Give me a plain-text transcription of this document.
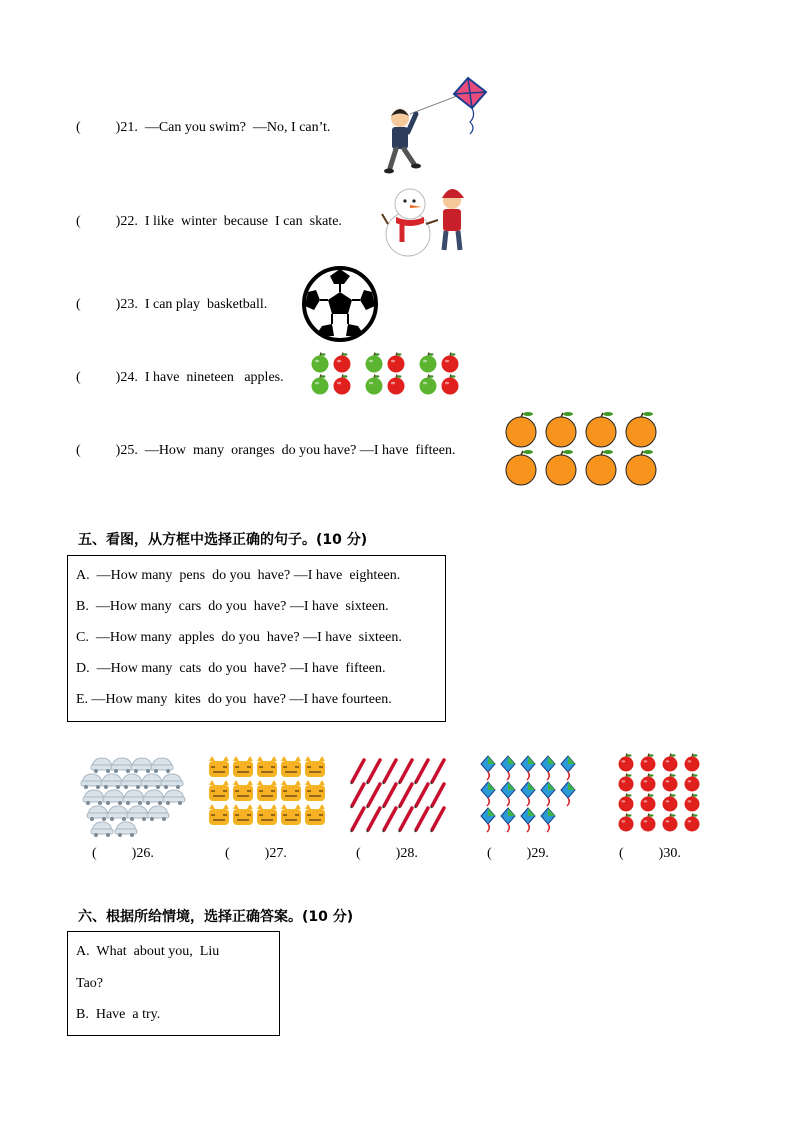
(          )21.  —Can you swim?  —No, I can’t.
(          )22.  I like  winter  because  I can  skate.
(          )23.  I can play  basketball.
(          )24.  I have  nineteen   apples.
(          )25.  —How  many  oranges  do you have? —I have  fifteen.
五、看图，从方框中选择正确的句子。(10 分)
A.  —How many  pens  do you  have? —I have  eighteen.
B.  —How many  cars  do you  have? —I have  sixteen.
C.  —How many  apples  do you  have? —I have  sixteen.
D.  —How many  cats  do you  have? —I have  fifteen.
E. —How many  kites  do you  have? —I have fourteen.
(          )26.	(          )27.	(          )28.	(          )29.	(          )30.
六、根据所给情境，选择正确答案。(10 分)
A.  What  about you,  Liu
Tao?
B.  Have  a try.
